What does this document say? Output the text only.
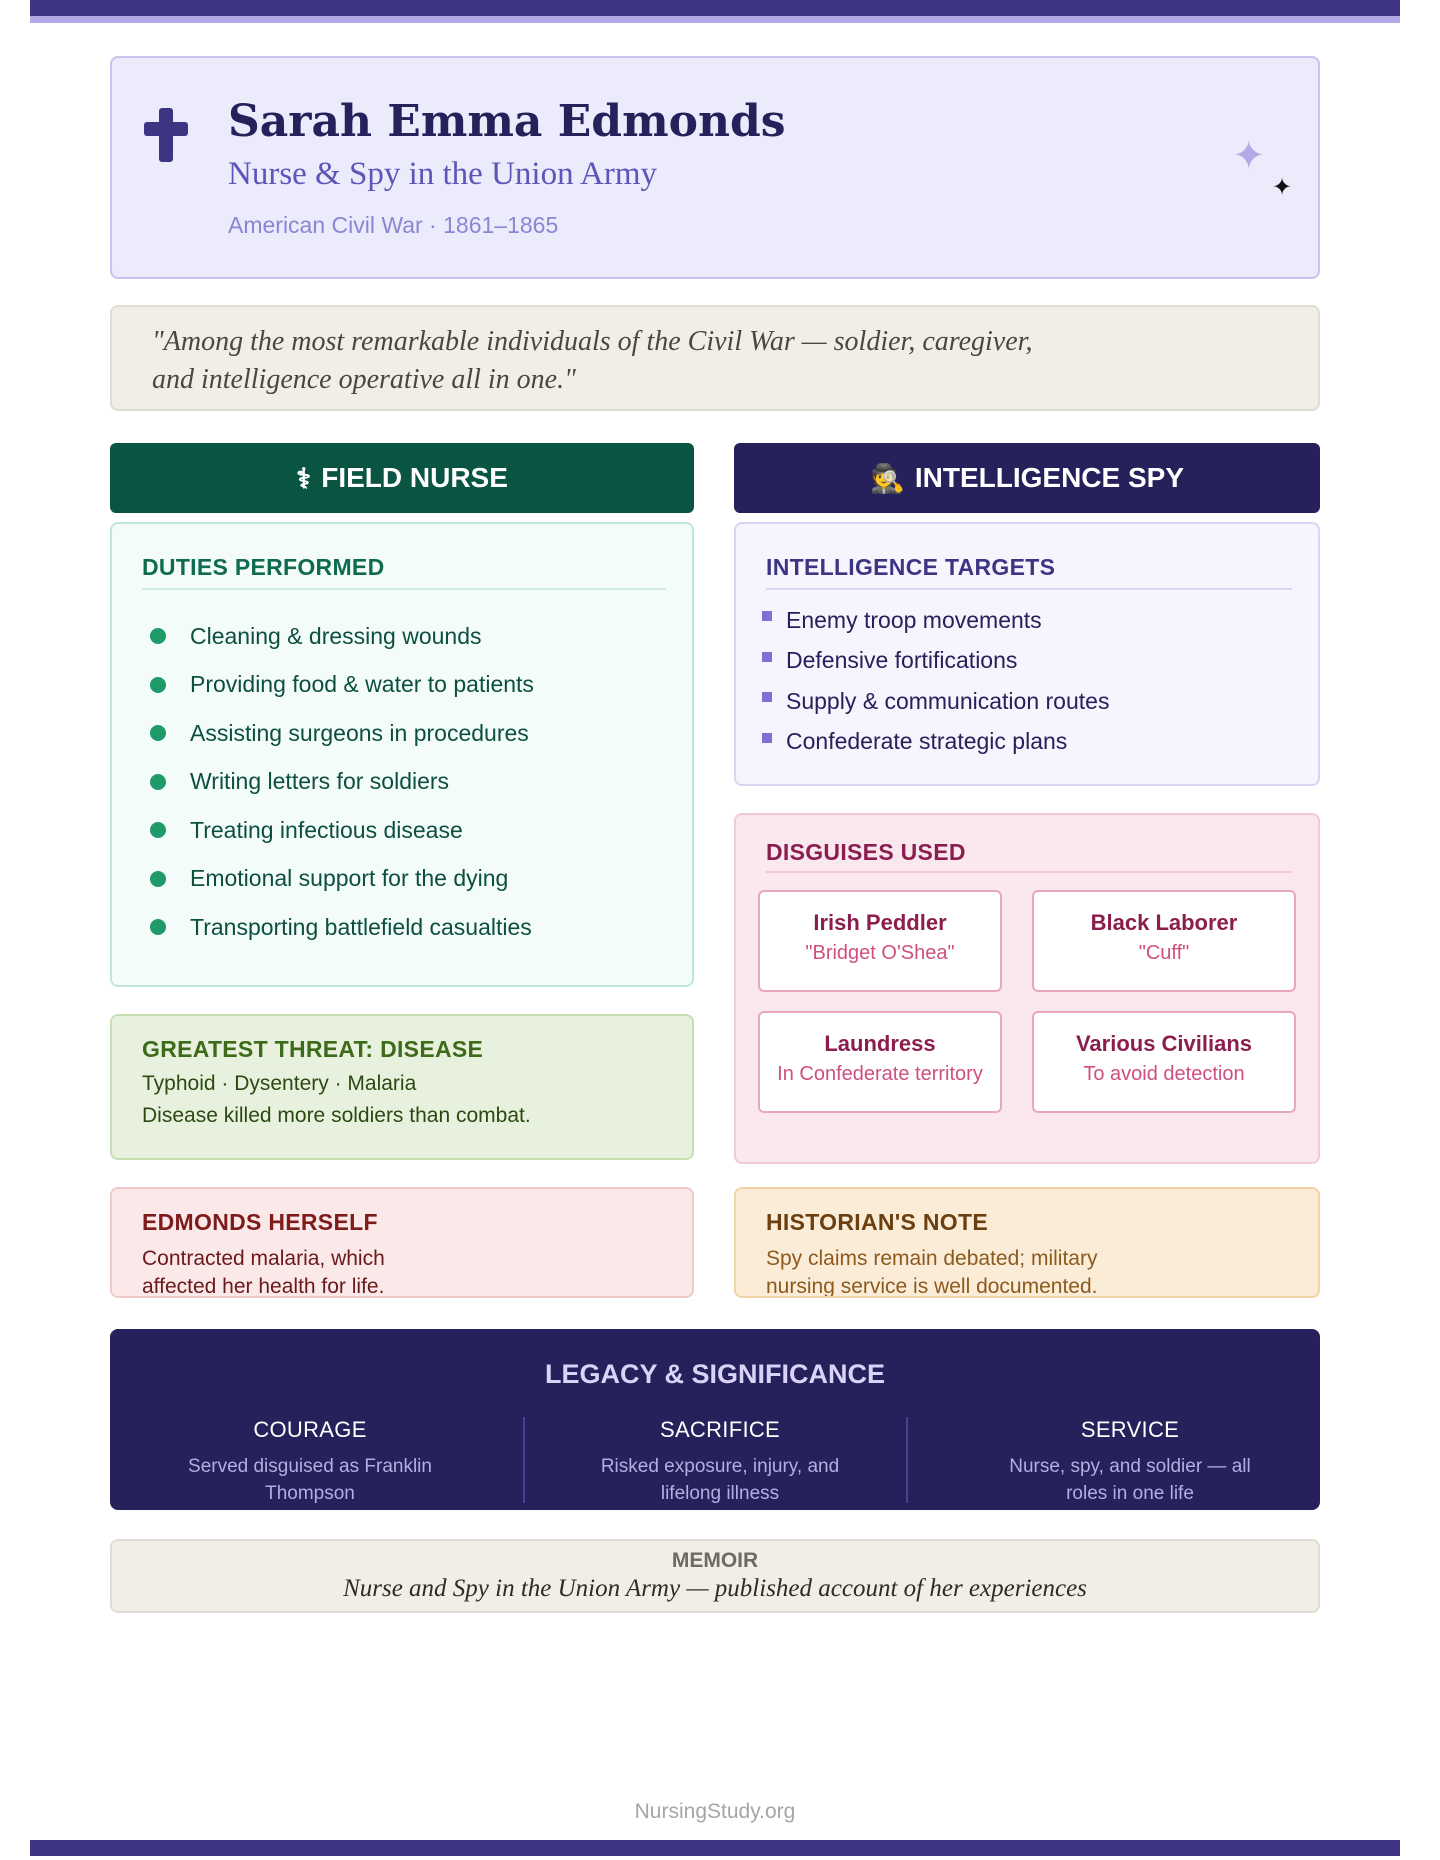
Sarah Emma Edmonds
Nurse & Spy in the Union Army
American Civil War · 1861–1865
✦
✦

"Among the most remarkable individuals of the Civil War — soldier, caregiver, and intelligence operative all in one."

⚕ FIELD NURSE	🕵 INTELLIGENCE SPY
DUTIES PERFORMED
Cleaning & dressing wounds
Providing food & water to patients
Assisting surgeons in procedures
Writing letters for soldiers
Treating infectious disease
Emotional support for the dying
Transporting battlefield casualties
INTELLIGENCE TARGETS
Enemy troop movements
Defensive fortifications
Supply & communication routes
Confederate strategic plans
DISGUISES USED
Irish Peddler
"Bridget O'Shea"
Black Laborer
"Cuff"
Laundress
In Confederate territory
Various Civilians
To avoid detection
GREATEST THREAT: DISEASE
Typhoid · Dysentery · Malaria
Disease killed more soldiers than combat.
EDMONDS HERSELF

Contracted malaria, which affected her health for life.

HISTORIAN'S NOTE

Spy claims remain debated; military nursing service is well documented.

LEGACY & SIGNIFICANCE
COURAGE
Served disguised as Franklin Thompson
SACRIFICE
Risked exposure, injury, and lifelong illness
SERVICE
Nurse, spy, and soldier — all roles in one life
MEMOIR
Nurse and Spy in the Union Army — published account of her experiences
NursingStudy.org
